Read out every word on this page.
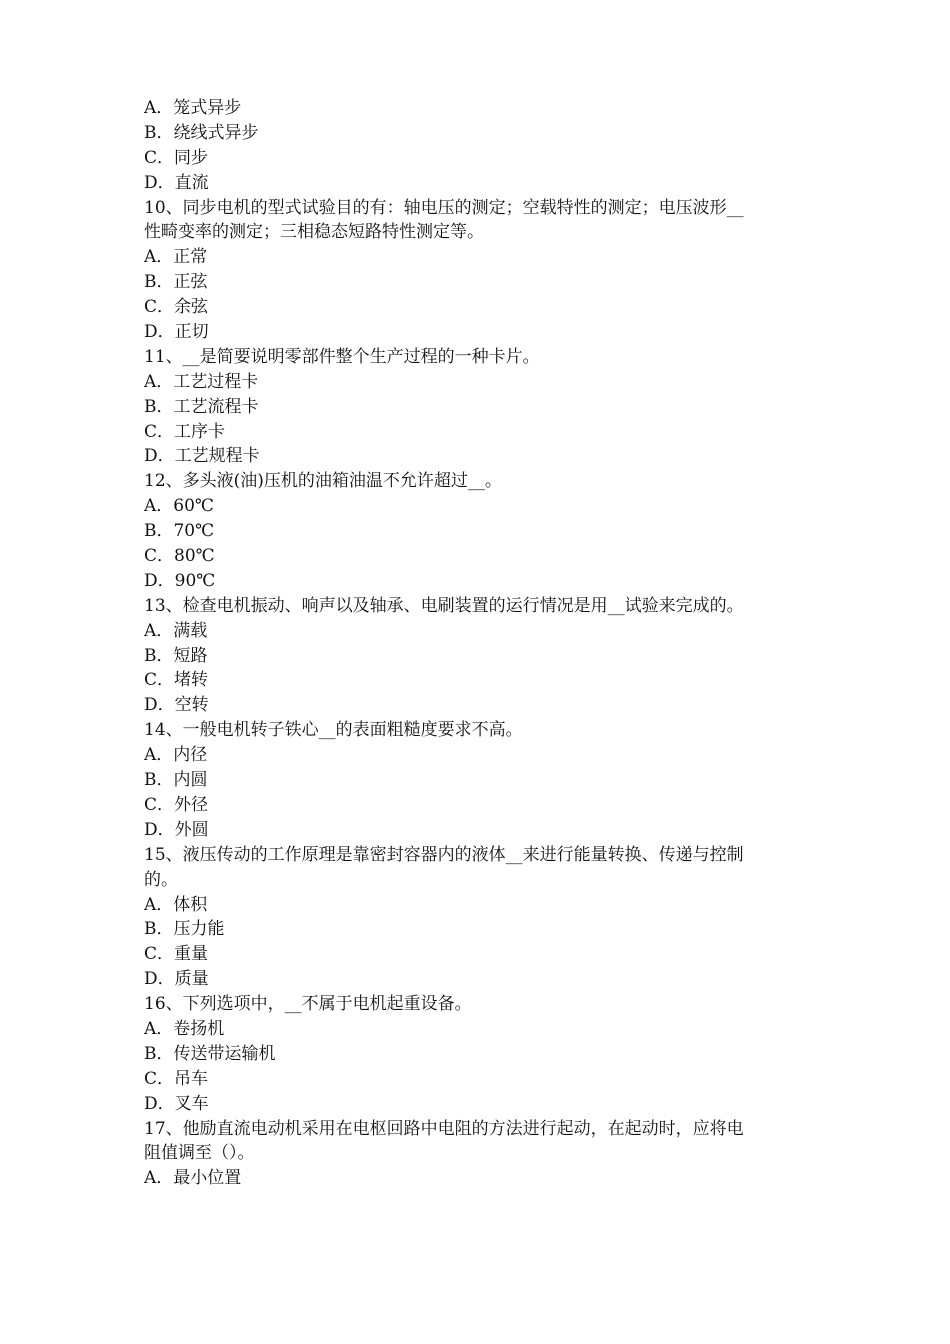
A．笼式异步
B．绕线式异步
C．同步
D．直流
10、同步电机的型式试验目的有：轴电压的测定；空载特性的测定；电压波形__
性畸变率的测定；三相稳态短路特性测定等。
A．正常
B．正弦
C．余弦
D．正切
11、__是简要说明零部件整个生产过程的一种卡片。
A．工艺过程卡
B．工艺流程卡
C．工序卡
D．工艺规程卡
12、多头液(油)压机的油箱油温不允许超过__。
A．60℃
B．70℃
C．80℃
D．90℃
13、检查电机振动、响声以及轴承、电刷装置的运行情况是用__试验来完成的。
A．满载
B．短路
C．堵转
D．空转
14、一般电机转子铁心__的表面粗糙度要求不高。
A．内径
B．内圆
C．外径
D．外圆
15、液压传动的工作原理是靠密封容器内的液体__来进行能量转换、传递与控制
的。
A．体积
B．压力能
C．重量
D．质量
16、下列选项中，__不属于电机起重设备。
A．卷扬机
B．传送带运输机
C．吊车
D．叉车
17、他励直流电动机采用在电枢回路中电阻的方法进行起动，在起动时，应将电
阻值调至（）。
A．最小位置
